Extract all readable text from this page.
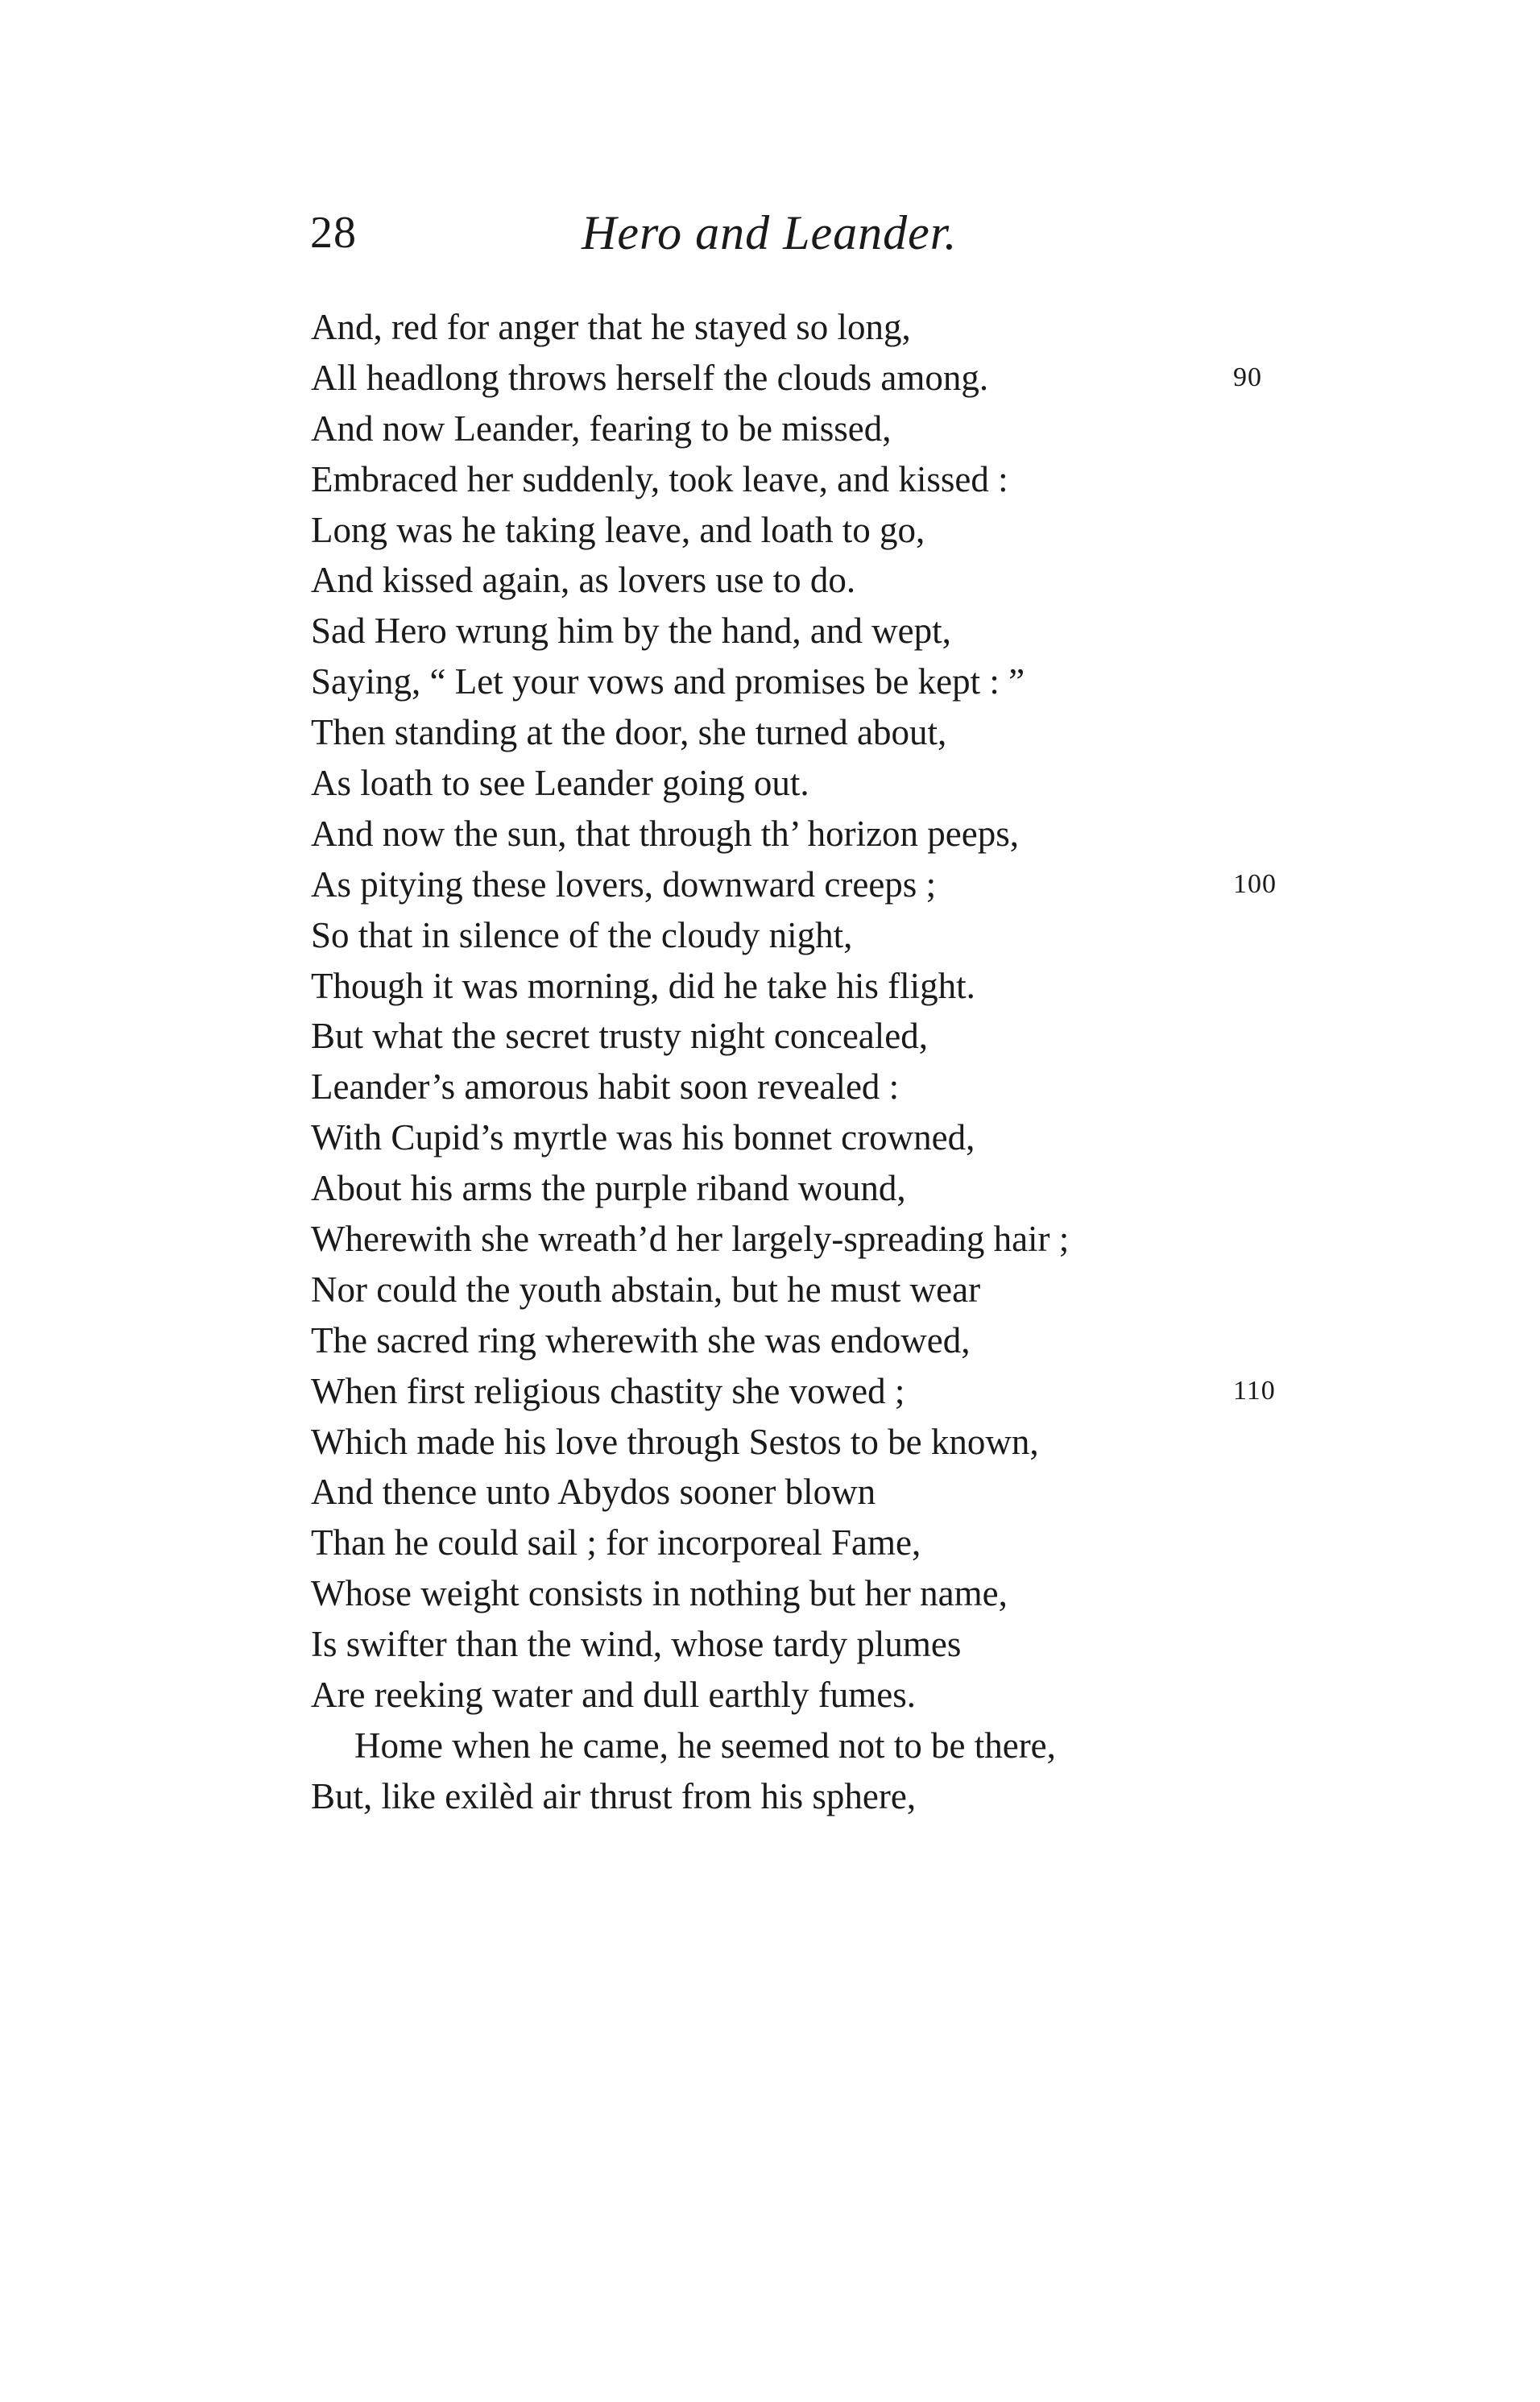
28	Hero and Leander.
And, red for anger that he stayed so long,
All headlong throws herself the clouds among.	90
And now Leander, fearing to be missed,
Embraced her suddenly, took leave, and kissed :
Long was he taking leave, and loath to go,
And kissed again, as lovers use to do.
Sad Hero wrung him by the hand, and wept,
Saying, “ Let your vows and promises be kept : ”
Then standing at the door, she turned about,
As loath to see Leander going out.
And now the sun, that through th’ horizon peeps,
As pitying these lovers, downward creeps ;	100
So that in silence of the cloudy night,
Though it was morning, did he take his flight.
But what the secret trusty night concealed,
Leander’s amorous habit soon revealed :
With Cupid’s myrtle was his bonnet crowned,
About his arms the purple riband wound,
Wherewith she wreath’d her largely-spreading hair ;
Nor could the youth abstain, but he must wear
The sacred ring wherewith she was endowed,
When first religious chastity she vowed ;	110
Which made his love through Sestos to be known,
And thence unto Abydos sooner blown
Than he could sail ; for incorporeal Fame,
Whose weight consists in nothing but her name,
Is swifter than the wind, whose tardy plumes
Are reeking water and dull earthly fumes.
Home when he came, he seemed not to be there,
But, like exilèd air thrust from his sphere,
